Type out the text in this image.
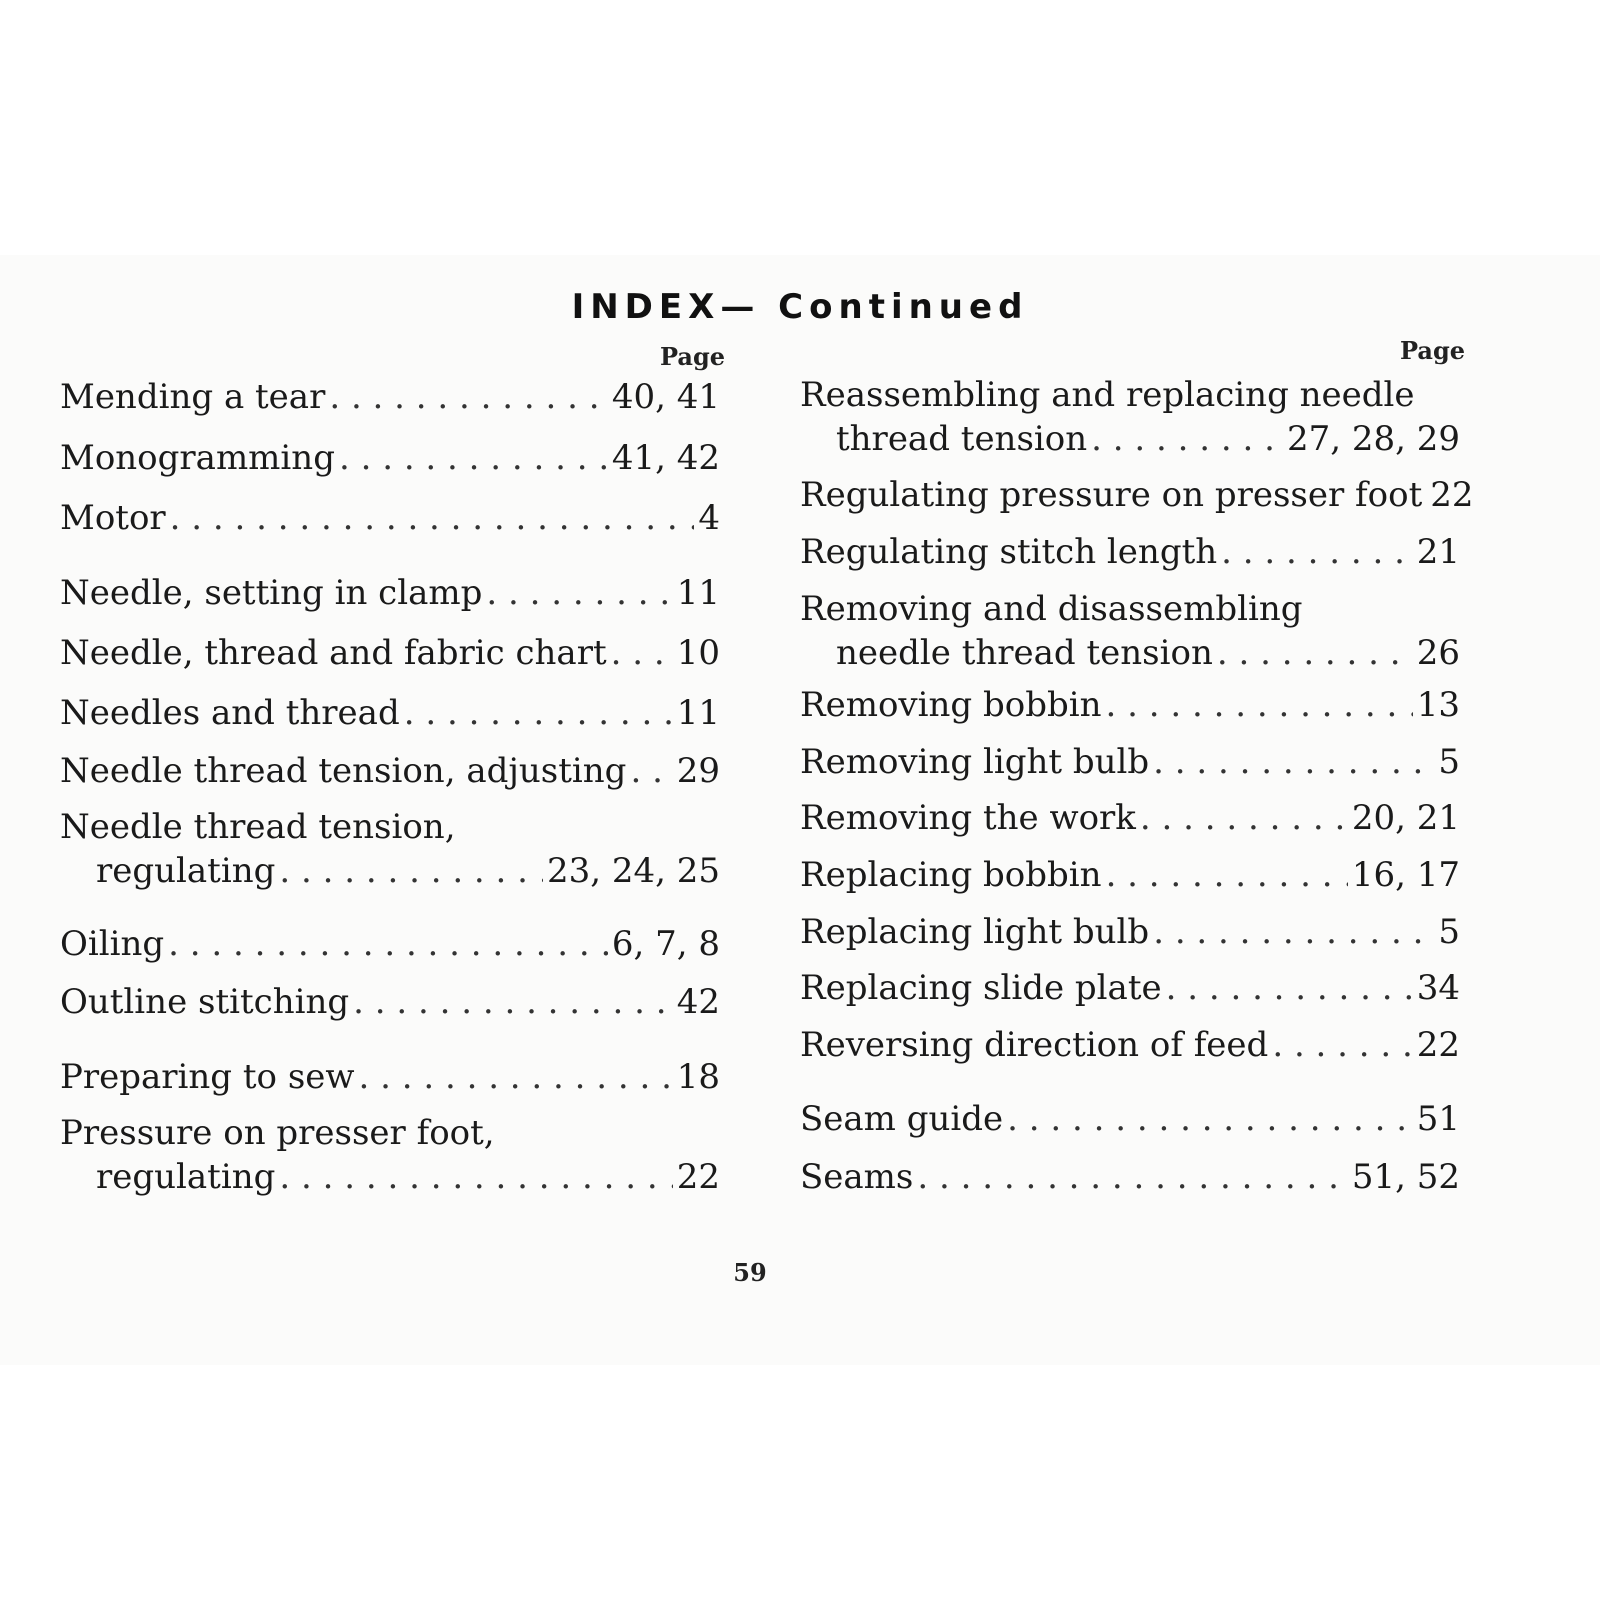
INDEX— Continued
Page	Page
Mending a tear . . .	40, 41
Monogramming . . .	41, 42
Motor . . .	4
Needle, setting in clamp . . .	11
Needle, thread and fabric chart . . . 10
Needles and thread . . .	11
Needle thread tension, adjusting . . . 29
Needle thread tension,
regulating . . .	23, 24, 25
Oiling . . .	6, 7, 8
Outline stitching . . .	42
Preparing to sew . . .	18
Pressure on presser foot,
regulating . . .	22
Reassembling and replacing needle
thread tension . . .	27, 28, 29
Regulating pressure on presser foot 22
Regulating stitch length . . .	21
Removing and disassembling
needle thread tension . . .	26
Removing bobbin . . .	13
Removing light bulb . . .	5
Removing the work . . .	20, 21
Replacing bobbin . . .	16, 17
Replacing light bulb . . .	5
Replacing slide plate . . .	34
Reversing direction of feed . . .	22
Seam guide . . .	51
Seams . . .	51, 52
59
